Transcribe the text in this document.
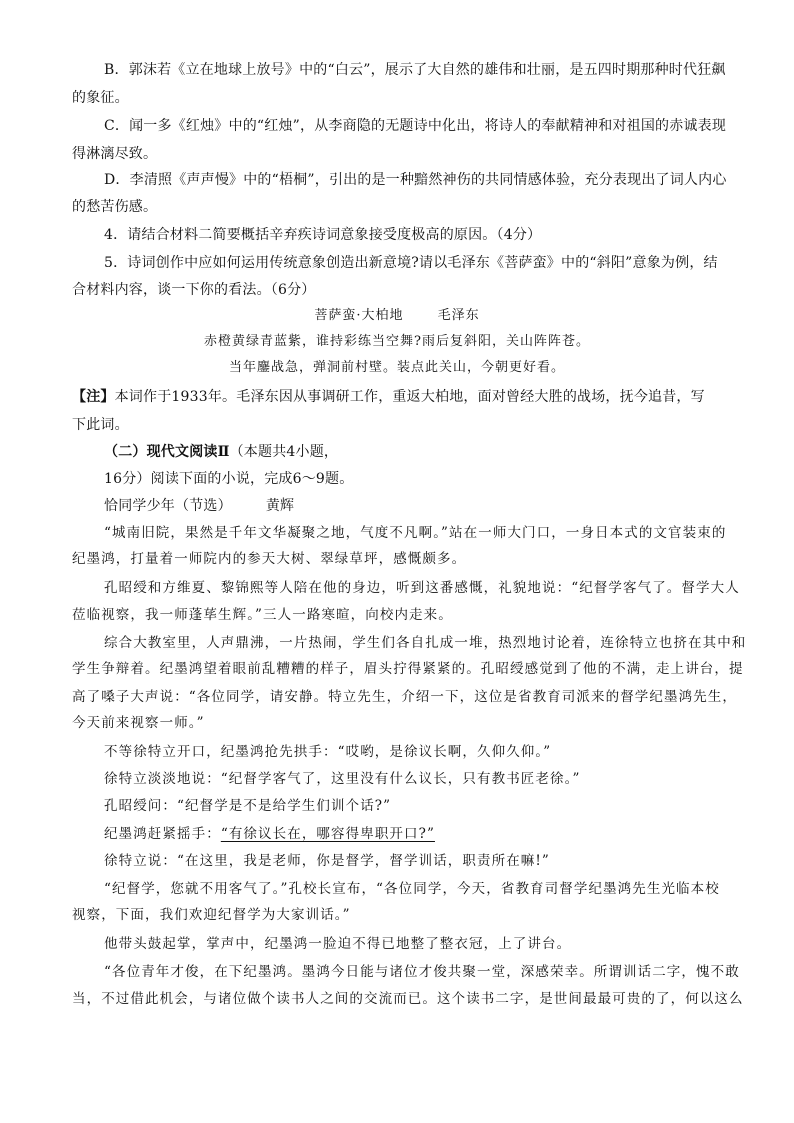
B．郭沫若《立在地球上放号》中的“白云”，展示了大自然的雄伟和壮丽，是五四时期那种时代狂飙
的象征。
C．闻一多《红烛》中的“红烛”，从李商隐的无题诗中化出，将诗人的奉献精神和对祖国的赤诚表现
得淋漓尽致。
D．李清照《声声慢》中的“梧桐”，引出的是一种黯然神伤的共同情感体验，充分表现出了词人内心
的愁苦伤感。
4．请结合材料二简要概括辛弃疾诗词意象接受度极高的原因。（4分）
5．诗词创作中应如何运用传统意象创造出新意境?请以毛泽东《菩萨蛮》中的“斜阳”意象为例，结
合材料内容，谈一下你的看法。（6分）
菩萨蛮·大柏地	毛泽东
赤橙黄绿青蓝紫，谁持彩练当空舞?雨后复斜阳，关山阵阵苍。
当年鏖战急，弹洞前村壁。装点此关山，今朝更好看。
【注】本词作于1933年。毛泽东因从事调研工作，重返大柏地，面对曾经大胜的战场，抚今追昔，写
下此词。
（二）现代文阅读Ⅱ（本题共4小题，
16分）阅读下面的小说，完成6～9题。
恰同学少年（节选） 黄辉
“城南旧院，果然是千年文华凝聚之地，气度不凡啊。”站在一师大门口，一身日本式的文官装束的
纪墨鸿，打量着一师院内的参天大树、翠绿草坪，感慨颇多。
孔昭绶和方维夏、黎锦熙等人陪在他的身边，听到这番感慨，礼貌地说：“纪督学客气了。督学大人
莅临视察，我一师蓬荜生辉。”三人一路寒暄，向校内走来。
综合大教室里，人声鼎沸，一片热闹，学生们各自扎成一堆，热烈地讨论着，连徐特立也挤在其中和
学生争辩着。纪墨鸿望着眼前乱糟糟的样子，眉头拧得紧紧的。孔昭绶感觉到了他的不满，走上讲台，提
高了嗓子大声说：“各位同学，请安静。特立先生，介绍一下，这位是省教育司派来的督学纪墨鸿先生，
今天前来视察一师。”
不等徐特立开口，纪墨鸿抢先拱手：“哎哟，是徐议长啊，久仰久仰。”
徐特立淡淡地说：“纪督学客气了，这里没有什么议长，只有教书匠老徐。”
孔昭绶问：“纪督学是不是给学生们训个话?”
纪墨鸿赶紧摇手：“有徐议长在，哪容得卑职开口?”
徐特立说：“在这里，我是老师，你是督学，督学训话，职责所在嘛!”
“纪督学，您就不用客气了。”孔校长宣布，“各位同学，今天，省教育司督学纪墨鸿先生光临本校
视察，下面，我们欢迎纪督学为大家训话。”
他带头鼓起掌，掌声中，纪墨鸿一脸迫不得已地整了整衣冠，上了讲台。
“各位青年才俊，在下纪墨鸿。墨鸿今日能与诸位才俊共聚一堂，深感荣幸。所谓训话二字，愧不敢
当，不过借此机会，与诸位做个读书人之间的交流而已。这个读书二字，是世间最最可贵的了，何以这么
